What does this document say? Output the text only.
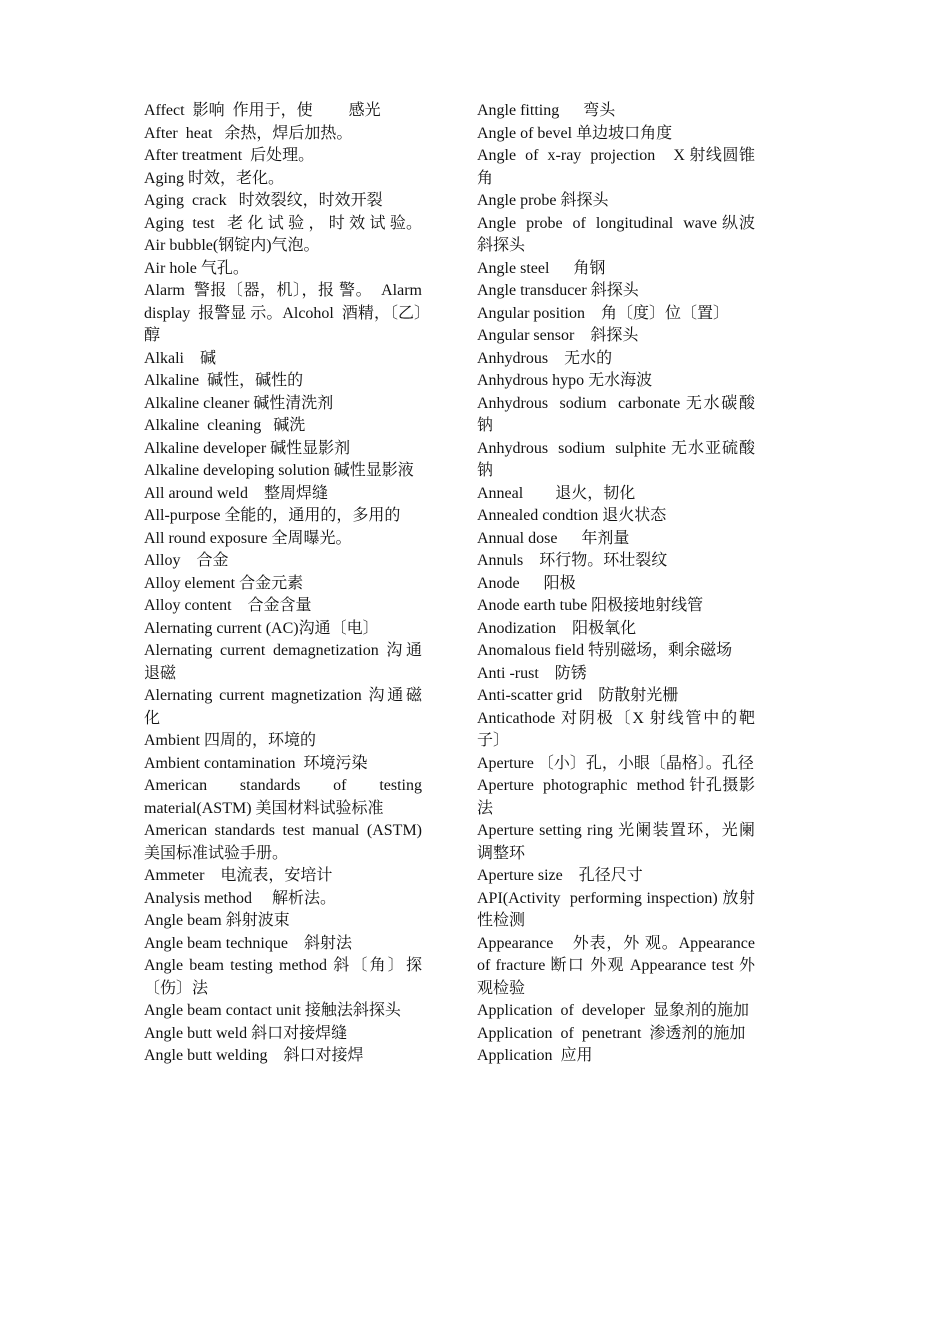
Affect  影响  作用于，使         感光

After  heat   余热，焊后加热。

After treatment  后处理。

Aging 时效，老化。

Aging  crack   时效裂纹，时效开裂

Aging  test   老 化 试 验 ， 时 效 试 验。Air bubble(钢锭内)气泡。

Air hole 气孔。

Alarm  警报〔器，机〕，报 警。  Alarm display  报警显 示。Alcohol  酒精，〔乙〕醇

Alkali    碱

Alkaline  碱性，碱性的

Alkaline cleaner 碱性清洗剂

Alkaline  cleaning   碱洗

Alkaline developer 碱性显影剂

Alkaline developing solution 碱性显影液

All around weld    整周焊缝

All-purpose 全能的，通用的，多用的

All round exposure 全周曝光。

Alloy    合金

Alloy element 合金元素

Alloy content    合金含量

Alernating current (AC)沟通〔电〕

Alernating current demagnetization 沟通退磁

Alernating current magnetization 沟通磁化

Ambient 四周的，环境的

Ambient contamination  环境污染

American    standards    of    testing material(ASTM) 美国材料试验标准

American standards test manual (ASTM) 美国标准试验手册。

Ammeter    电流表，安培计

Analysis method     解析法。

Angle beam 斜射波束

Angle beam technique    斜射法

Angle beam testing method 斜〔角〕探〔伤〕法

Angle beam contact unit 接触法斜探头

Angle butt weld 斜口对接焊缝

Angle butt welding    斜口对接焊

Angle fitting      弯头

Angle of bevel 单边坡口角度

Angle  of  x-ray  projection    X 射线圆锥角

Angle probe 斜探头

Angle  probe  of  longitudinal  wave 纵波斜探头

Angle steel      角钢

Angle transducer 斜探头

Angular position    角〔度〕位〔置〕

Angular sensor    斜探头

Anhydrous    无水的

Anhydrous hypo 无水海波

Anhydrous  sodium  carbonate 无水碳酸钠

Anhydrous  sodium  sulphite 无水亚硫酸钠

Anneal        退火，韧化

Annealed condtion 退火状态

Annual dose      年剂量

Annuls    环行物。环壮裂纹

Anode      阳极

Anode earth tube 阳极接地射线管

Anodization    阳极氧化

Anomalous field 特别磁场，剩余磁场

Anti -rust    防锈

Anti-scatter grid    防散射光栅

Anticathode 对阴极〔X 射线管中的靶子〕

Aperture 〔小〕孔，小眼〔晶格〕。孔径

Aperture  photographic  method 针孔摄影法

Aperture setting ring 光阑装置环，光阑调整环

Aperture size    孔径尺寸

API(Activity  performing inspection) 放射性检测

Appearance    外表，外 观。Appearance of fracture 断口 外观 Appearance test 外观检验

Application  of  developer  显象剂的施加

Application  of  penetrant  渗透剂的施加

Application  应用
